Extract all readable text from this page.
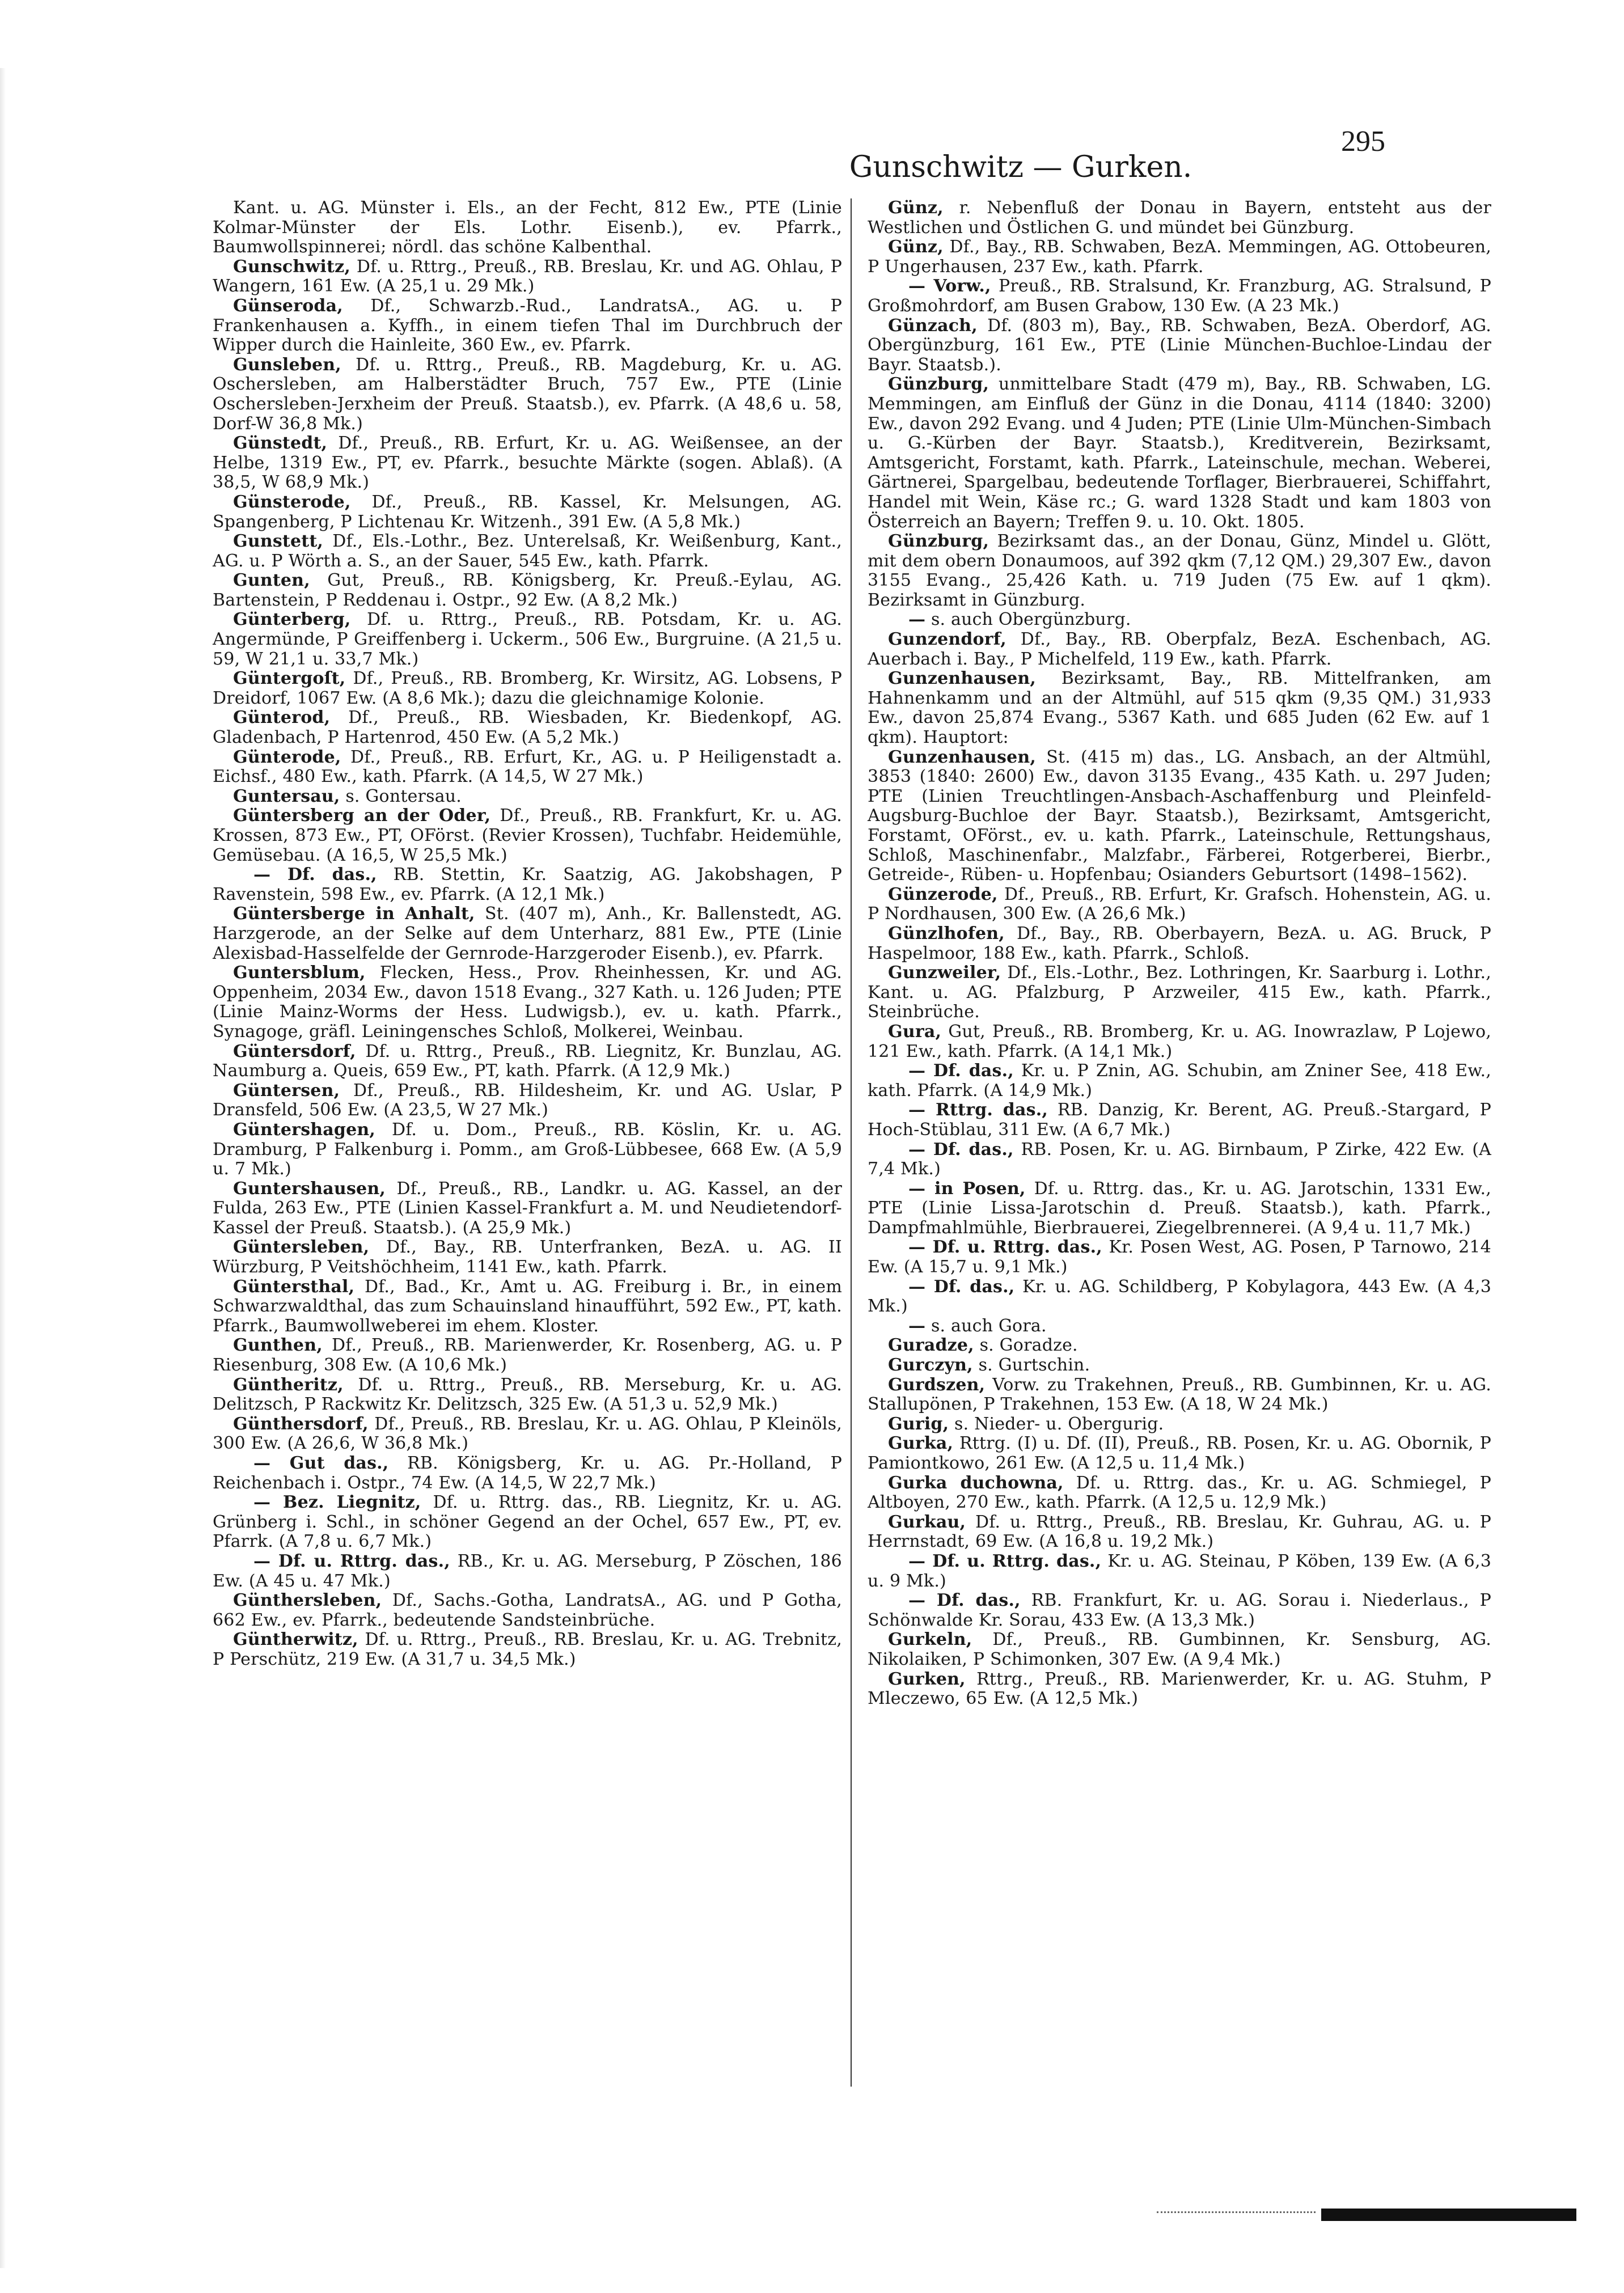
Gunschwitz — Gurken.
295

Kant. u. AG. Münster i. Els., an der Fecht, 812 Ew., PTE (Linie Kolmar-Münster der Els. Lothr. Eisenb.), ev. Pfarrk., Baumwollspinnerei; nördl. das schöne Kalbenthal.

Gunschwitz, Df. u. Rttrg., Preuß., RB. Breslau, Kr. und AG. Ohlau, P Wangern, 161 Ew. (A 25,1 u. 29 Mk.)

Günseroda, Df., Schwarzb.-Rud., LandratsA., AG. u. P Frankenhausen a. Kyffh., in einem tiefen Thal im Durchbruch der Wipper durch die Hainleite, 360 Ew., ev. Pfarrk.

Gunsleben, Df. u. Rttrg., Preuß., RB. Magdeburg, Kr. u. AG. Oschersleben, am Halberstädter Bruch, 757 Ew., PTE (Linie Oschersleben-Jerxheim der Preuß. Staatsb.), ev. Pfarrk. (A 48,6 u. 58, Dorf-W 36,8 Mk.)

Günstedt, Df., Preuß., RB. Erfurt, Kr. u. AG. Weißensee, an der Helbe, 1319 Ew., PT, ev. Pfarrk., besuchte Märkte (sogen. Ablaß). (A 38,5, W 68,9 Mk.)

Günsterode, Df., Preuß., RB. Kassel, Kr. Melsungen, AG. Spangenberg, P Lichtenau Kr. Witzenh., 391 Ew. (A 5,8 Mk.)

Gunstett, Df., Els.-Lothr., Bez. Unterelsaß, Kr. Weißenburg, Kant., AG. u. P Wörth a. S., an der Sauer, 545 Ew., kath. Pfarrk.

Gunten, Gut, Preuß., RB. Königsberg, Kr. Preuß.-Eylau, AG. Bartenstein, P Reddenau i. Ostpr., 92 Ew. (A 8,2 Mk.)

Günterberg, Df. u. Rttrg., Preuß., RB. Potsdam, Kr. u. AG. Angermünde, P Greiffenberg i. Uckerm., 506 Ew., Burgruine. (A 21,5 u. 59, W 21,1 u. 33,7 Mk.)

Güntergoſt, Df., Preuß., RB. Bromberg, Kr. Wirsitz, AG. Lobsens, P Dreidorf, 1067 Ew. (A 8,6 Mk.); dazu die gleichnamige Kolonie.

Günterod, Df., Preuß., RB. Wiesbaden, Kr. Biedenkopf, AG. Gladenbach, P Hartenrod, 450 Ew. (A 5,2 Mk.)

Günterode, Df., Preuß., RB. Erfurt, Kr., AG. u. P Heiligenstadt a. Eichsf., 480 Ew., kath. Pfarrk. (A 14,5, W 27 Mk.)

Guntersau, s. Gontersau.

Güntersberg an der Oder, Df., Preuß., RB. Frankfurt, Kr. u. AG. Krossen, 873 Ew., PT, OFörst. (Revier Krossen), Tuchfabr. Heidemühle, Gemüsebau. (A 16,5, W 25,5 Mk.)

— Df. das., RB. Stettin, Kr. Saatzig, AG. Jakobshagen, P Ravenstein, 598 Ew., ev. Pfarrk. (A 12,1 Mk.)

Güntersberge in Anhalt, St. (407 m), Anh., Kr. Ballenstedt, AG. Harzgerode, an der Selke auf dem Unterharz, 881 Ew., PTE (Linie Alexisbad-Hasselfelde der Gernrode-Harzgeroder Eisenb.), ev. Pfarrk.

Guntersblum, Flecken, Hess., Prov. Rheinhessen, Kr. und AG. Oppenheim, 2034 Ew., davon 1518 Evang., 327 Kath. u. 126 Juden; PTE (Linie Mainz-Worms der Hess. Ludwigsb.), ev. u. kath. Pfarrk., Synagoge, gräfl. Leiningensches Schloß, Molkerei, Weinbau.

Güntersdorf, Df. u. Rttrg., Preuß., RB. Liegnitz, Kr. Bunzlau, AG. Naumburg a. Queis, 659 Ew., PT, kath. Pfarrk. (A 12,9 Mk.)

Güntersen, Df., Preuß., RB. Hildesheim, Kr. und AG. Uslar, P Dransfeld, 506 Ew. (A 23,5, W 27 Mk.)

Güntershagen, Df. u. Dom., Preuß., RB. Köslin, Kr. u. AG. Dramburg, P Falkenburg i. Pomm., am Groß-Lübbesee, 668 Ew. (A 5,9 u. 7 Mk.)

Guntershausen, Df., Preuß., RB., Landkr. u. AG. Kassel, an der Fulda, 263 Ew., PTE (Linien Kassel-Frankfurt a. M. und Neudietendorf-Kassel der Preuß. Staatsb.). (A 25,9 Mk.)

Güntersleben, Df., Bay., RB. Unterfranken, BezA. u. AG. II Würzburg, P Veitshöchheim, 1141 Ew., kath. Pfarrk.

Güntersthal, Df., Bad., Kr., Amt u. AG. Freiburg i. Br., in einem Schwarzwaldthal, das zum Schauinsland hinaufführt, 592 Ew., PT, kath. Pfarrk., Baumwollweberei im ehem. Kloster.

Gunthen, Df., Preuß., RB. Marienwerder, Kr. Rosenberg, AG. u. P Riesenburg, 308 Ew. (A 10,6 Mk.)

Güntheritz, Df. u. Rttrg., Preuß., RB. Merseburg, Kr. u. AG. Delitzsch, P Rackwitz Kr. Delitzsch, 325 Ew. (A 51,3 u. 52,9 Mk.)

Günthersdorf, Df., Preuß., RB. Breslau, Kr. u. AG. Ohlau, P Kleinöls, 300 Ew. (A 26,6, W 36,8 Mk.)

— Gut das., RB. Königsberg, Kr. u. AG. Pr.-Holland, P Reichenbach i. Ostpr., 74 Ew. (A 14,5, W 22,7 Mk.)

— Bez. Liegnitz, Df. u. Rttrg. das., RB. Liegnitz, Kr. u. AG. Grünberg i. Schl., in schöner Gegend an der Ochel, 657 Ew., PT, ev. Pfarrk. (A 7,8 u. 6,7 Mk.)

— Df. u. Rttrg. das., RB., Kr. u. AG. Merseburg, P Zöschen, 186 Ew. (A 45 u. 47 Mk.)

Günthersleben, Df., Sachs.-Gotha, LandratsA., AG. und P Gotha, 662 Ew., ev. Pfarrk., bedeutende Sandsteinbrüche.

Güntherwitz, Df. u. Rttrg., Preuß., RB. Breslau, Kr. u. AG. Trebnitz, P Perschütz, 219 Ew. (A 31,7 u. 34,5 Mk.)

Günz, r. Nebenfluß der Donau in Bayern, entsteht aus der Westlichen und Östlichen G. und mündet bei Günzburg.

Günz, Df., Bay., RB. Schwaben, BezA. Memmingen, AG. Ottobeuren, P Ungerhausen, 237 Ew., kath. Pfarrk.

— Vorw., Preuß., RB. Stralsund, Kr. Franzburg, AG. Stralsund, P Großmohrdorf, am Busen Grabow, 130 Ew. (A 23 Mk.)

Günzach, Df. (803 m), Bay., RB. Schwaben, BezA. Oberdorf, AG. Obergünzburg, 161 Ew., PTE (Linie München-Buchloe-Lindau der Bayr. Staatsb.).

Günzburg, unmittelbare Stadt (479 m), Bay., RB. Schwaben, LG. Memmingen, am Einfluß der Günz in die Donau, 4114 (1840: 3200) Ew., davon 292 Evang. und 4 Juden; PTE (Linie Ulm-München-Simbach u. G.-Kürben der Bayr. Staatsb.), Kreditverein, Bezirksamt, Amtsgericht, Forstamt, kath. Pfarrk., Lateinschule, mechan. Weberei, Gärtnerei, Spargelbau, bedeutende Torflager, Bierbrauerei, Schiffahrt, Handel mit Wein, Käse rc.; G. ward 1328 Stadt und kam 1803 von Österreich an Bayern; Treffen 9. u. 10. Okt. 1805.

Günzburg, Bezirksamt das., an der Donau, Günz, Mindel u. Glött, mit dem obern Donaumoos, auf 392 qkm (7,12 QM.) 29,307 Ew., davon 3155 Evang., 25,426 Kath. u. 719 Juden (75 Ew. auf 1 qkm). Bezirksamt in Günzburg.

— s. auch Obergünzburg.

Gunzendorf, Df., Bay., RB. Oberpfalz, BezA. Eschenbach, AG. Auerbach i. Bay., P Michelfeld, 119 Ew., kath. Pfarrk.

Gunzenhausen, Bezirksamt, Bay., RB. Mittelfranken, am Hahnenkamm und an der Altmühl, auf 515 qkm (9,35 QM.) 31,933 Ew., davon 25,874 Evang., 5367 Kath. und 685 Juden (62 Ew. auf 1 qkm). Hauptort:

Gunzenhausen, St. (415 m) das., LG. Ansbach, an der Altmühl, 3853 (1840: 2600) Ew., davon 3135 Evang., 435 Kath. u. 297 Juden; PTE (Linien Treuchtlingen-Ansbach-Aschaffenburg und Pleinfeld-Augsburg-Buchloe der Bayr. Staatsb.), Bezirksamt, Amtsgericht, Forstamt, OFörst., ev. u. kath. Pfarrk., Lateinschule, Rettungshaus, Schloß, Maschinenfabr., Malzfabr., Färberei, Rotgerberei, Bierbr., Getreide-, Rüben- u. Hopfenbau; Osianders Geburtsort (1498–1562).

Günzerode, Df., Preuß., RB. Erfurt, Kr. Grafsch. Hohenstein, AG. u. P Nordhausen, 300 Ew. (A 26,6 Mk.)

Günzlhofen, Df., Bay., RB. Oberbayern, BezA. u. AG. Bruck, P Haspelmoor, 188 Ew., kath. Pfarrk., Schloß.

Gunzweiler, Df., Els.-Lothr., Bez. Lothringen, Kr. Saarburg i. Lothr., Kant. u. AG. Pfalzburg, P Arzweiler, 415 Ew., kath. Pfarrk., Steinbrüche.

Gura, Gut, Preuß., RB. Bromberg, Kr. u. AG. Inowrazlaw, P Lojewo, 121 Ew., kath. Pfarrk. (A 14,1 Mk.)

— Df. das., Kr. u. P Znin, AG. Schubin, am Zniner See, 418 Ew., kath. Pfarrk. (A 14,9 Mk.)

— Rttrg. das., RB. Danzig, Kr. Berent, AG. Preuß.-Stargard, P Hoch-Stüblau, 311 Ew. (A 6,7 Mk.)

— Df. das., RB. Posen, Kr. u. AG. Birnbaum, P Zirke, 422 Ew. (A 7,4 Mk.)

— in Posen, Df. u. Rttrg. das., Kr. u. AG. Jarotschin, 1331 Ew., PTE (Linie Lissa-Jarotschin d. Preuß. Staatsb.), kath. Pfarrk., Dampfmahlmühle, Bierbrauerei, Ziegelbrennerei. (A 9,4 u. 11,7 Mk.)

— Df. u. Rttrg. das., Kr. Posen West, AG. Posen, P Tarnowo, 214 Ew. (A 15,7 u. 9,1 Mk.)

— Df. das., Kr. u. AG. Schildberg, P Kobylagora, 443 Ew. (A 4,3 Mk.)

— s. auch Gora.

Guradze, s. Goradze.

Gurczyn, s. Gurtschin.

Gurdszen, Vorw. zu Trakehnen, Preuß., RB. Gumbinnen, Kr. u. AG. Stallupönen, P Trakehnen, 153 Ew. (A 18, W 24 Mk.)

Gurig, s. Nieder- u. Obergurig.

Gurka, Rttrg. (I) u. Df. (II), Preuß., RB. Posen, Kr. u. AG. Obornik, P Pamiontkowo, 261 Ew. (A 12,5 u. 11,4 Mk.)

Gurka duchowna, Df. u. Rttrg. das., Kr. u. AG. Schmiegel, P Altboyen, 270 Ew., kath. Pfarrk. (A 12,5 u. 12,9 Mk.)

Gurkau, Df. u. Rttrg., Preuß., RB. Breslau, Kr. Guhrau, AG. u. P Herrnstadt, 69 Ew. (A 16,8 u. 19,2 Mk.)

— Df. u. Rttrg. das., Kr. u. AG. Steinau, P Köben, 139 Ew. (A 6,3 u. 9 Mk.)

— Df. das., RB. Frankfurt, Kr. u. AG. Sorau i. Niederlaus., P Schönwalde Kr. Sorau, 433 Ew. (A 13,3 Mk.)

Gurkeln, Df., Preuß., RB. Gumbinnen, Kr. Sensburg, AG. Nikolaiken, P Schimonken, 307 Ew. (A 9,4 Mk.)

Gurken, Rttrg., Preuß., RB. Marienwerder, Kr. u. AG. Stuhm, P Mleczewo, 65 Ew. (A 12,5 Mk.)
